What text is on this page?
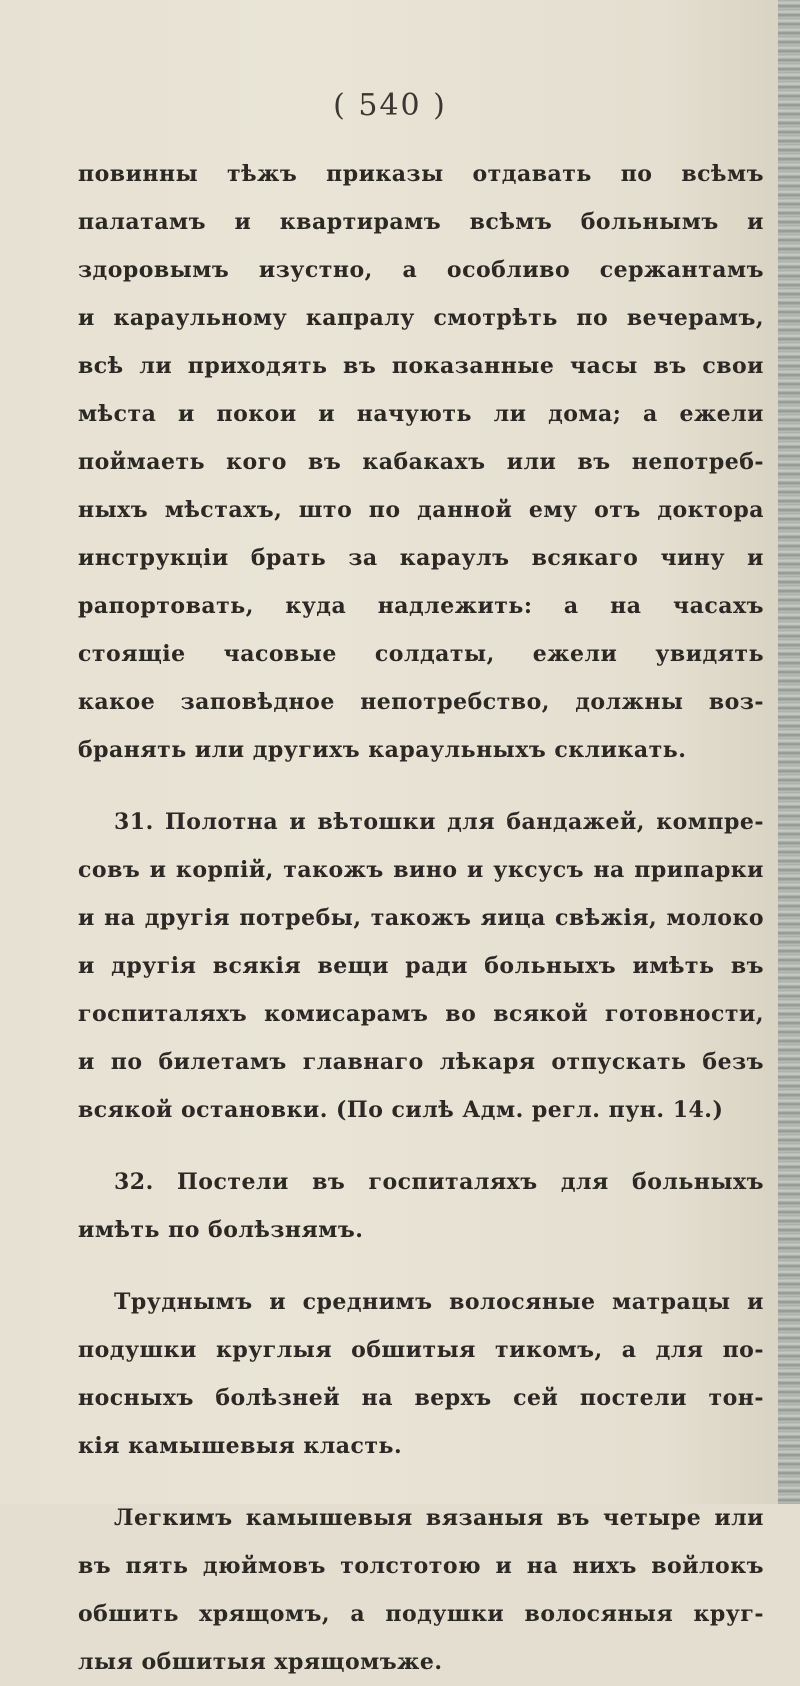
( 540 )
повинны тѣжъ приказы отдавать по всѣмъ
палатамъ и квартирамъ всѣмъ больнымъ и
здоровымъ изустно, а особливо сержантамъ
и караульному капралу смотрѣть по вечерамъ,
всѣ ли приходять въ показанные часы въ свои
мѣста и покои и начують ли дома; а ежели
поймаеть кого въ кабакахъ или въ непотреб-
ныхъ мѣстахъ, што по данной ему отъ доктора
инструкціи брать за караулъ всякаго чину и
рапортовать, куда надлежить: а на часахъ
стоящіе часовые солдаты, ежели увидять
какое заповѣдное непотребство, должны воз-
бранять или другихъ караульныхъ скликать.
31. Полотна и вѣтошки для бандажей, компре-
совъ и корпій, такожъ вино и уксусъ на припарки
и на другія потребы, такожъ яица свѣжія, молоко
и другія всякія вещи ради больныхъ имѣть въ
госпиталяхъ комисарамъ во всякой готовности,
и по билетамъ главнаго лѣкаря отпускать безъ
всякой остановки. (По силѣ Адм. регл. пун. 14.)
32. Постели въ госпиталяхъ для больныхъ
имѣть по болѣзнямъ.
Труднымъ и среднимъ волосяные матрацы и
подушки круглыя обшитыя тикомъ, а для по-
носныхъ болѣзней на верхъ сей постели тон-
кія камышевыя класть.
Легкимъ камышевыя вязаныя въ четыре или
въ пять дюймовъ толстотою и на нихъ войлокъ
обшить хрящомъ, а подушки волосяныя круг-
лыя обшитыя хрящомъже.
